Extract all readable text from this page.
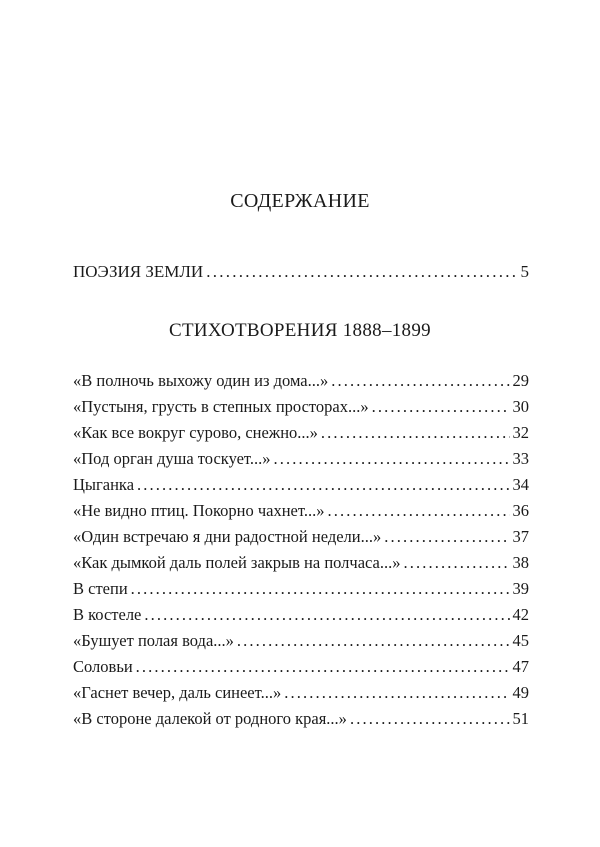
СОДЕРЖАНИЕ
ПОЭЗИЯ ЗЕМЛИ . . .	5
СТИХОТВОРЕНИЯ 1888–1899
«В полночь выхожу один из дома...» . . .	29
«Пустыня, грусть в степных просторах...» . . .	30
«Как все вокруг сурово, снежно...» . . .	32
«Под орган душа тоскует...» . . .	33
Цыганка . . .	34
«Не видно птиц. Покорно чахнет...» . . .	36
«Один встречаю я дни радостной недели...» . . .	37
«Как дымкой даль полей закрыв на полчаса...» . . .	38
В степи . . .	39
В костеле . . .	42
«Бушует полая вода...» . . .	45
Соловьи . . .	47
«Гаснет вечер, даль синеет...» . . .	49
«В стороне далекой от родного края...» . . .	51
